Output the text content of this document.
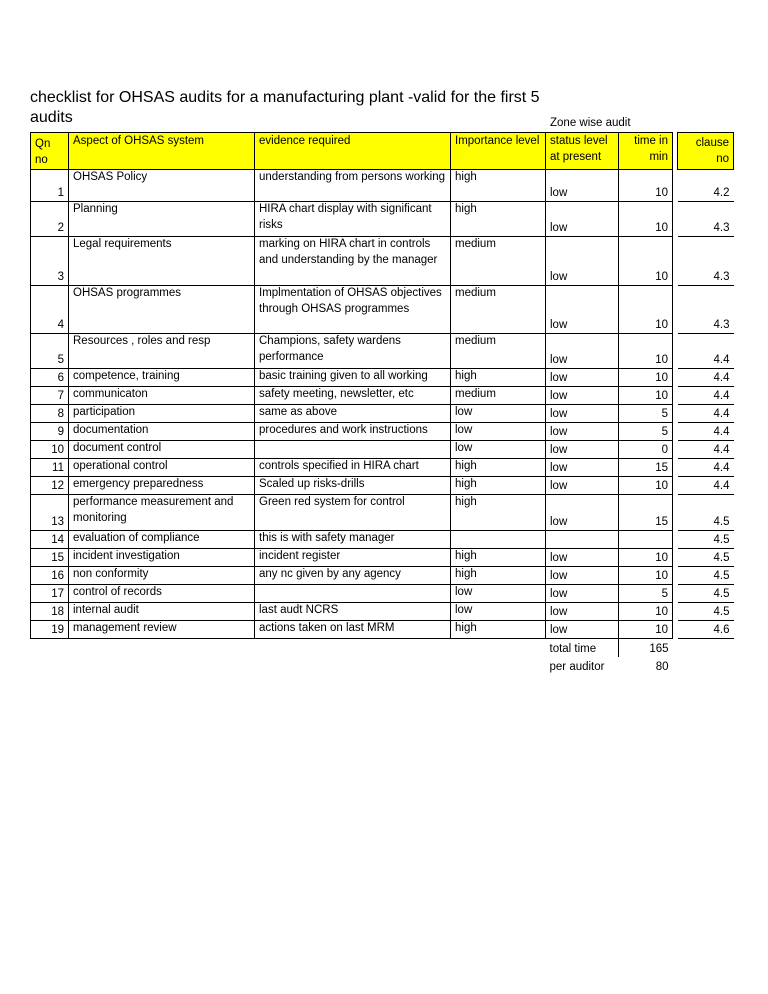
checklist for OHSAS audits for a manufacturing plant -valid for the first 5 audits	Zone wise audit
Qn no	Aspect of OHSAS system	evidence required	Importance level	status level at present	time in min		clause no
1	OHSAS Policy	understanding from persons working	high	low	10		4.2
2	Planning	HIRA chart display with significant risks	high	low	10		4.3
3	Legal requirements	marking on HIRA chart in controls and understanding by the manager	medium	low	10		4.3
4	OHSAS programmes	Implmentation of OHSAS objectives through OHSAS programmes	medium	low	10		4.3
5	Resources , roles and resp	Champions, safety wardens performance	medium	low	10		4.4
6	competence, training	basic training given to all working	high	low	10		4.4
7	communicaton	safety meeting, newsletter, etc	medium	low	10		4.4
8	participation	same as above	low	low	5		4.4
9	documentation	procedures and work instructions	low	low	5		4.4
10	document control		low	low	0		4.4
11	operational control	controls specified in HIRA chart	high	low	15		4.4
12	emergency preparedness	Scaled up risks-drills	high	low	10		4.4
13	performance measurement and monitoring	Green red system for control	high	low	15		4.5
14	evaluation of compliance	this is with safety manager					4.5
15	incident investigation	incident register	high	low	10		4.5
16	non conformity	any nc given by any agency	high	low	10		4.5
17	control of records		low	low	5		4.5
18	internal audit	last audt NCRS	low	low	10		4.5
19	management review	actions taken on last MRM	high	low	10		4.6
				total time	165		
				per auditor	80		
